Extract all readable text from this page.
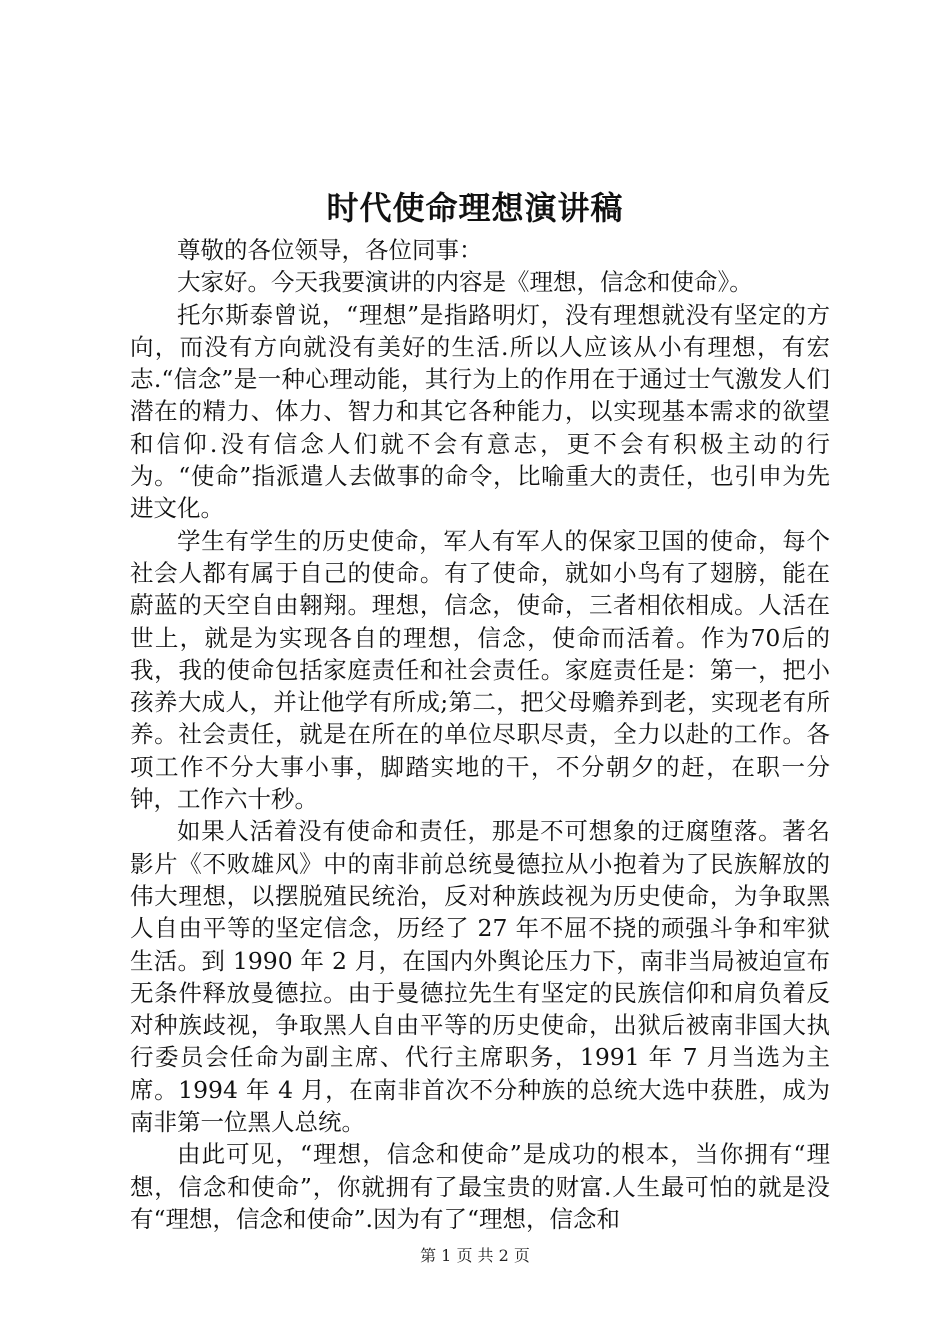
时代使命理想演讲稿

尊敬的各位领导，各位同事：

大家好。今天我要演讲的内容是《理想，信念和使命》。

托尔斯泰曾说，“理想”是指路明灯，没有理想就没有坚定的方向，而没有方向就没有美好的生活.所以人应该从小有理想，有宏志.“信念”是一种心理动能，其行为上的作用在于通过士气激发人们潜在的精力、体力、智力和其它各种能力，以实现基本需求的欲望和信仰.没有信念人们就不会有意志，更不会有积极主动的行为。“使命”指派遣人去做事的命令，比喻重大的责任，也引申为先进文化。

学生有学生的历史使命，军人有军人的保家卫国的使命，每个社会人都有属于自己的使命。有了使命，就如小鸟有了翅膀，能在蔚蓝的天空自由翱翔。理想，信念，使命，三者相依相成。人活在世上，就是为实现各自的理想，信念，使命而活着。作为70后的我，我的使命包括家庭责任和社会责任。家庭责任是：第一，把小孩养大成人，并让他学有所成;第二，把父母赡养到老，实现老有所养。社会责任，就是在所在的单位尽职尽责，全力以赴的工作。各项工作不分大事小事，脚踏实地的干，不分朝夕的赶，在职一分钟，工作六十秒。

如果人活着没有使命和责任，那是不可想象的迂腐堕落。著名影片《不败雄风》中的南非前总统曼德拉从小抱着为了民族解放的伟大理想，以摆脱殖民统治，反对种族歧视为历史使命，为争取黑人自由平等的坚定信念，历经了 27 年不屈不挠的顽强斗争和牢狱生活。到 1990 年 2 月，在国内外舆论压力下，南非当局被迫宣布无条件释放曼德拉。由于曼德拉先生有坚定的民族信仰和肩负着反对种族歧视，争取黑人自由平等的历史使命，出狱后被南非国大执行委员会任命为副主席、代行主席职务，1991 年 7 月当选为主席。1994 年 4 月，在南非首次不分种族的总统大选中获胜，成为南非第一位黑人总统。

由此可见，“理想，信念和使命”是成功的根本，当你拥有“理想，信念和使命”，你就拥有了最宝贵的财富.人生最可怕的就是没有“理想，信念和使命”.因为有了“理想，信念和

第 1 页 共 2 页
